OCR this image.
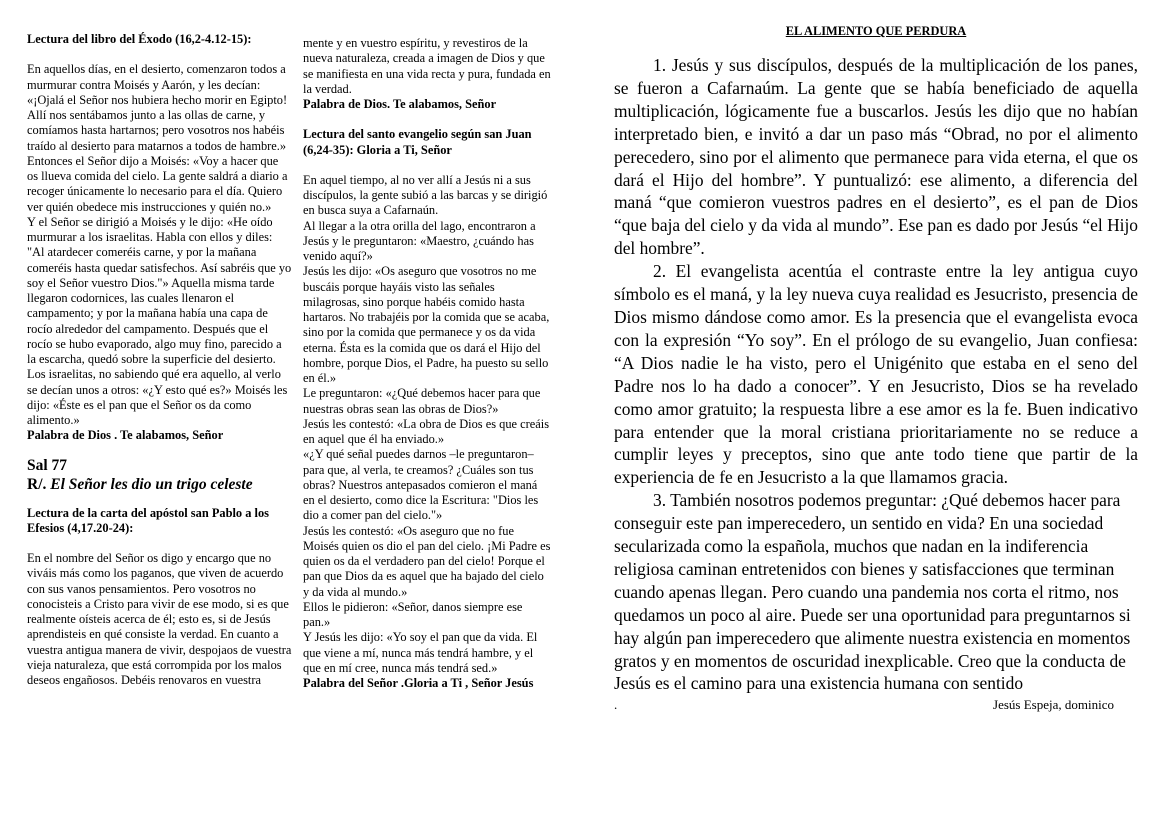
Lectura del libro del Éxodo (16,2-4.12-15):

En aquellos días, en el desierto, comenzaron todos a murmurar contra Moisés y Aarón, y les decían: «¡Ojalá el Señor nos hubiera hecho morir en Egipto! Allí nos sentábamos junto a las ollas de carne, y comíamos hasta hartarnos; pero vosotros nos habéis traído al desierto para matarnos a todos de hambre.»

Entonces el Señor dijo a Moisés: «Voy a hacer que os llueva comida del cielo. La gente saldrá a diario a recoger únicamente lo necesario para el día. Quiero ver quién obedece mis instrucciones y quién no.»

Y el Señor se dirigió a Moisés y le dijo: «He oído murmurar a los israelitas. Habla con ellos y diles: "Al atardecer comeréis carne, y por la mañana comeréis hasta quedar satisfechos. Así sabréis que yo soy el Señor vuestro Dios."» Aquella misma tarde llegaron codornices, las cuales llenaron el campamento; y por la mañana había una capa de rocío alrededor del campamento. Después que el rocío se hubo evaporado, algo muy fino, parecido a la escarcha, quedó sobre la superficie del desierto.

Los israelitas, no sabiendo qué era aquello, al verlo se decían unos a otros: «¿Y esto qué es?» Moisés les dijo: «Éste es el pan que el Señor os da como alimento.»

Palabra de Dios . Te alabamos, Señor

Sal 77
R/. El Señor les dio un trigo celeste

Lectura de la carta del apóstol san Pablo a los Efesios (4,17.20-24):

En el nombre del Señor os digo y encargo que no viváis más como los paganos, que viven de acuerdo con sus vanos pensamientos. Pero vosotros no conocisteis a Cristo para vivir de ese modo, si es que realmente oísteis acerca de él; esto es, si de Jesús aprendisteis en qué consiste la verdad. En cuanto a vuestra antigua manera de vivir, despojaos de vuestra vieja naturaleza, que está corrompida por los malos deseos engañosos. Debéis renovaros en vuestra

mente y en vuestro espíritu, y revestiros de la nueva naturaleza, creada a imagen de Dios y que se manifiesta en una vida recta y pura, fundada en la verdad.

Palabra de Dios. Te alabamos, Señor

Lectura del santo evangelio según san Juan (6,24-35): Gloria a Ti, Señor

En aquel tiempo, al no ver allí a Jesús ni a sus discípulos, la gente subió a las barcas y se dirigió en busca suya a Cafarnaún.

Al llegar a la otra orilla del lago, encontraron a Jesús y le preguntaron: «Maestro, ¿cuándo has venido aquí?»

Jesús les dijo: «Os aseguro que vosotros no me buscáis porque hayáis visto las señales milagrosas, sino porque habéis comido hasta hartaros. No trabajéis por la comida que se acaba, sino por la comida que permanece y os da vida eterna. Ésta es la comida que os dará el Hijo del hombre, porque Dios, el Padre, ha puesto su sello en él.»

Le preguntaron: «¿Qué debemos hacer para que nuestras obras sean las obras de Dios?»

Jesús les contestó: «La obra de Dios es que creáis en aquel que él ha enviado.»

«¿Y qué señal puedes darnos –le preguntaron– para que, al verla, te creamos? ¿Cuáles son tus obras? Nuestros antepasados comieron el maná en el desierto, como dice la Escritura: "Dios les dio a comer pan del cielo."»

Jesús les contestó: «Os aseguro que no fue Moisés quien os dio el pan del cielo. ¡Mi Padre es quien os da el verdadero pan del cielo! Porque el pan que Dios da es aquel que ha bajado del cielo y da vida al mundo.»

Ellos le pidieron: «Señor, danos siempre ese pan.»

Y Jesús les dijo: «Yo soy el pan que da vida. El que viene a mí, nunca más tendrá hambre, y el que en mí cree, nunca más tendrá sed.»

Palabra del Señor .Gloria a Ti , Señor Jesús

EL ALIMENTO QUE PERDURA

1. Jesús y sus discípulos, después de la multiplicación de los panes, se fueron a Cafarnaúm. La gente que se había beneficiado de aquella multiplicación, lógicamente fue a buscarlos. Jesús les dijo que no habían interpretado bien, e invitó a dar un paso más “Obrad, no por el alimento perecedero, sino por el alimento que permanece para vida eterna, el que os dará el Hijo del hombre”. Y puntualizó: ese alimento, a diferencia del maná “que comieron vuestros padres en el desierto”, es el pan de Dios “que baja del cielo y da vida al mundo”. Ese pan es dado por Jesús “el Hijo del hombre”.

2. El evangelista acentúa el contraste entre la ley antigua cuyo símbolo es el maná, y la ley nueva cuya realidad es Jesucristo, presencia de Dios mismo dándose como amor. Es la presencia que el evangelista evoca con la expresión “Yo soy”. En el prólogo de su evangelio, Juan confiesa: “A Dios nadie le ha visto, pero el Unigénito que estaba en el seno del Padre nos lo ha dado a conocer”. Y en Jesucristo, Dios se ha revelado como amor gratuito; la respuesta libre a ese amor es la fe. Buen indicativo para entender que la moral cristiana prioritariamente no se reduce a cumplir leyes y preceptos, sino que ante todo tiene que partir de la experiencia de fe en Jesucristo a la que llamamos gracia.

3. También nosotros podemos preguntar: ¿Qué debemos hacer para conseguir este pan imperecedero, un sentido en vida? En una sociedad secularizada como la española, muchos que nadan en la indiferencia religiosa caminan entretenidos con bienes y satisfacciones que terminan cuando apenas llegan. Pero cuando una pandemia nos corta el ritmo, nos quedamos un poco al aire. Puede ser una oportunidad para preguntarnos si hay algún pan imperecedero que alimente nuestra existencia en momentos gratos y en momentos de oscuridad inexplicable. Creo que la conducta de Jesús es el camino para una existencia humana con sentido

.	Jesús Espeja, dominico
